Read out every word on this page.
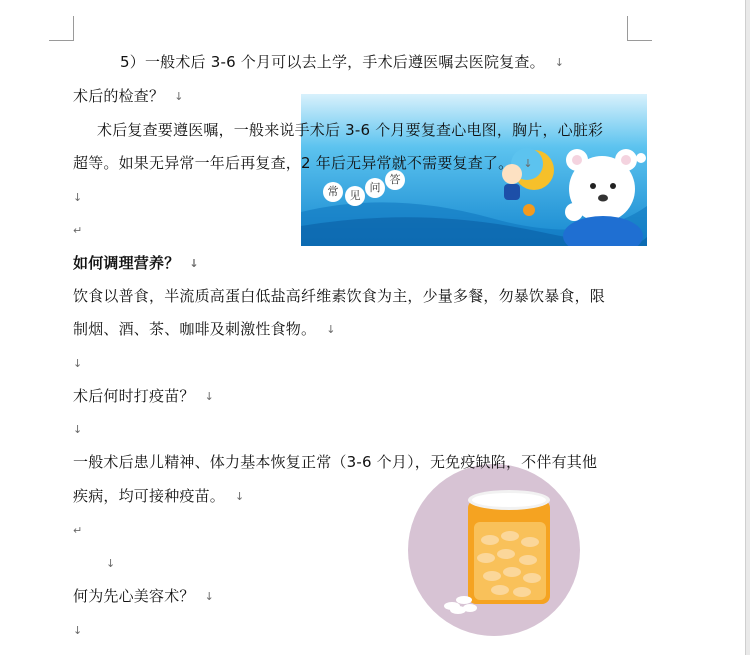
常	见
问
答
5）一般术后 3-6 个月可以去上学，手术后遵医嘱去医院复查。 ↓
术后的检查？ ↓
术后复查要遵医嘱，一般来说手术后 3-6 个月要复查心电图，胸片，心脏彩
超等。如果无异常一年后再复查，2 年后无异常就不需要复查了。 ↓
↓
↵
如何调理营养？ ↓
饮食以普食，半流质高蛋白低盐高纤维素饮食为主，少量多餐，勿暴饮暴食，限
制烟、酒、茶、咖啡及刺激性食物。 ↓
↓
术后何时打疫苗？ ↓
↓
一般术后患儿精神、体力基本恢复正常（3-6 个月），无免疫缺陷，不伴有其他
疾病，均可接种疫苗。 ↓
↵
↓
何为先心美容术？ ↓
↓
